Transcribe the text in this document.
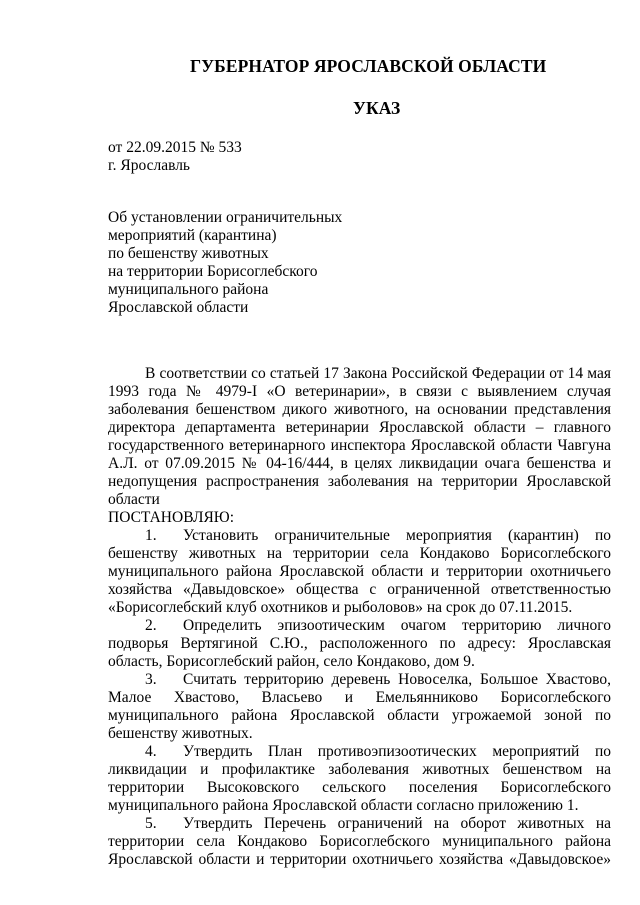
ГУБЕРНАТОР ЯРОСЛАВСКОЙ ОБЛАСТИ
УКАЗ
от 22.09.2015 № 533
г. Ярославль
Об установлении ограничительных
мероприятий (карантина)
по бешенству животных
на территории Борисоглебского
муниципального района
Ярославской области
В соответствии со статьей 17 Закона Российской Федерации от 14 мая 1993 года № 4979-I «О ветеринарии», в связи с выявлением случая заболевания бешенством дикого животного, на основании представления директора департамента ветеринарии Ярославской области – главного государственного ветеринарного инспектора Ярославской области Чавгуна А.Л. от 07.09.2015 № 04-16/444, в целях ликвидации очага бешенства и недопущения распространения заболевания на территории Ярославской области
ПОСТАНОВЛЯЮ:
1. Установить ограничительные мероприятия (карантин) по бешенству животных на территории села Кондаково Борисоглебского муниципального района Ярославской области и территории охотничьего хозяйства «Давыдовское» общества с ограниченной ответственностью «Борисоглебский клуб охотников и рыболовов» на срок до 07.11.2015.
2. Определить эпизоотическим очагом территорию личного подворья Вертягиной С.Ю., расположенного по адресу: Ярославская область, Борисоглебский район, село Кондаково, дом 9.
3. Считать территорию деревень Новоселка, Большое Хвастово, Малое Хвастово, Власьево и Емельянниково Борисоглебского муниципального района Ярославской области угрожаемой зоной по бешенству животных.
4. Утвердить План противоэпизоотических мероприятий по ликвидации и профилактике заболевания животных бешенством на территории Высоковского сельского поселения Борисоглебского муниципального района Ярославской области согласно приложению 1.
5. Утвердить Перечень ограничений на оборот животных на территории села Кондаково Борисоглебского муниципального района Ярославской области и территории охотничьего хозяйства «Давыдовское»
